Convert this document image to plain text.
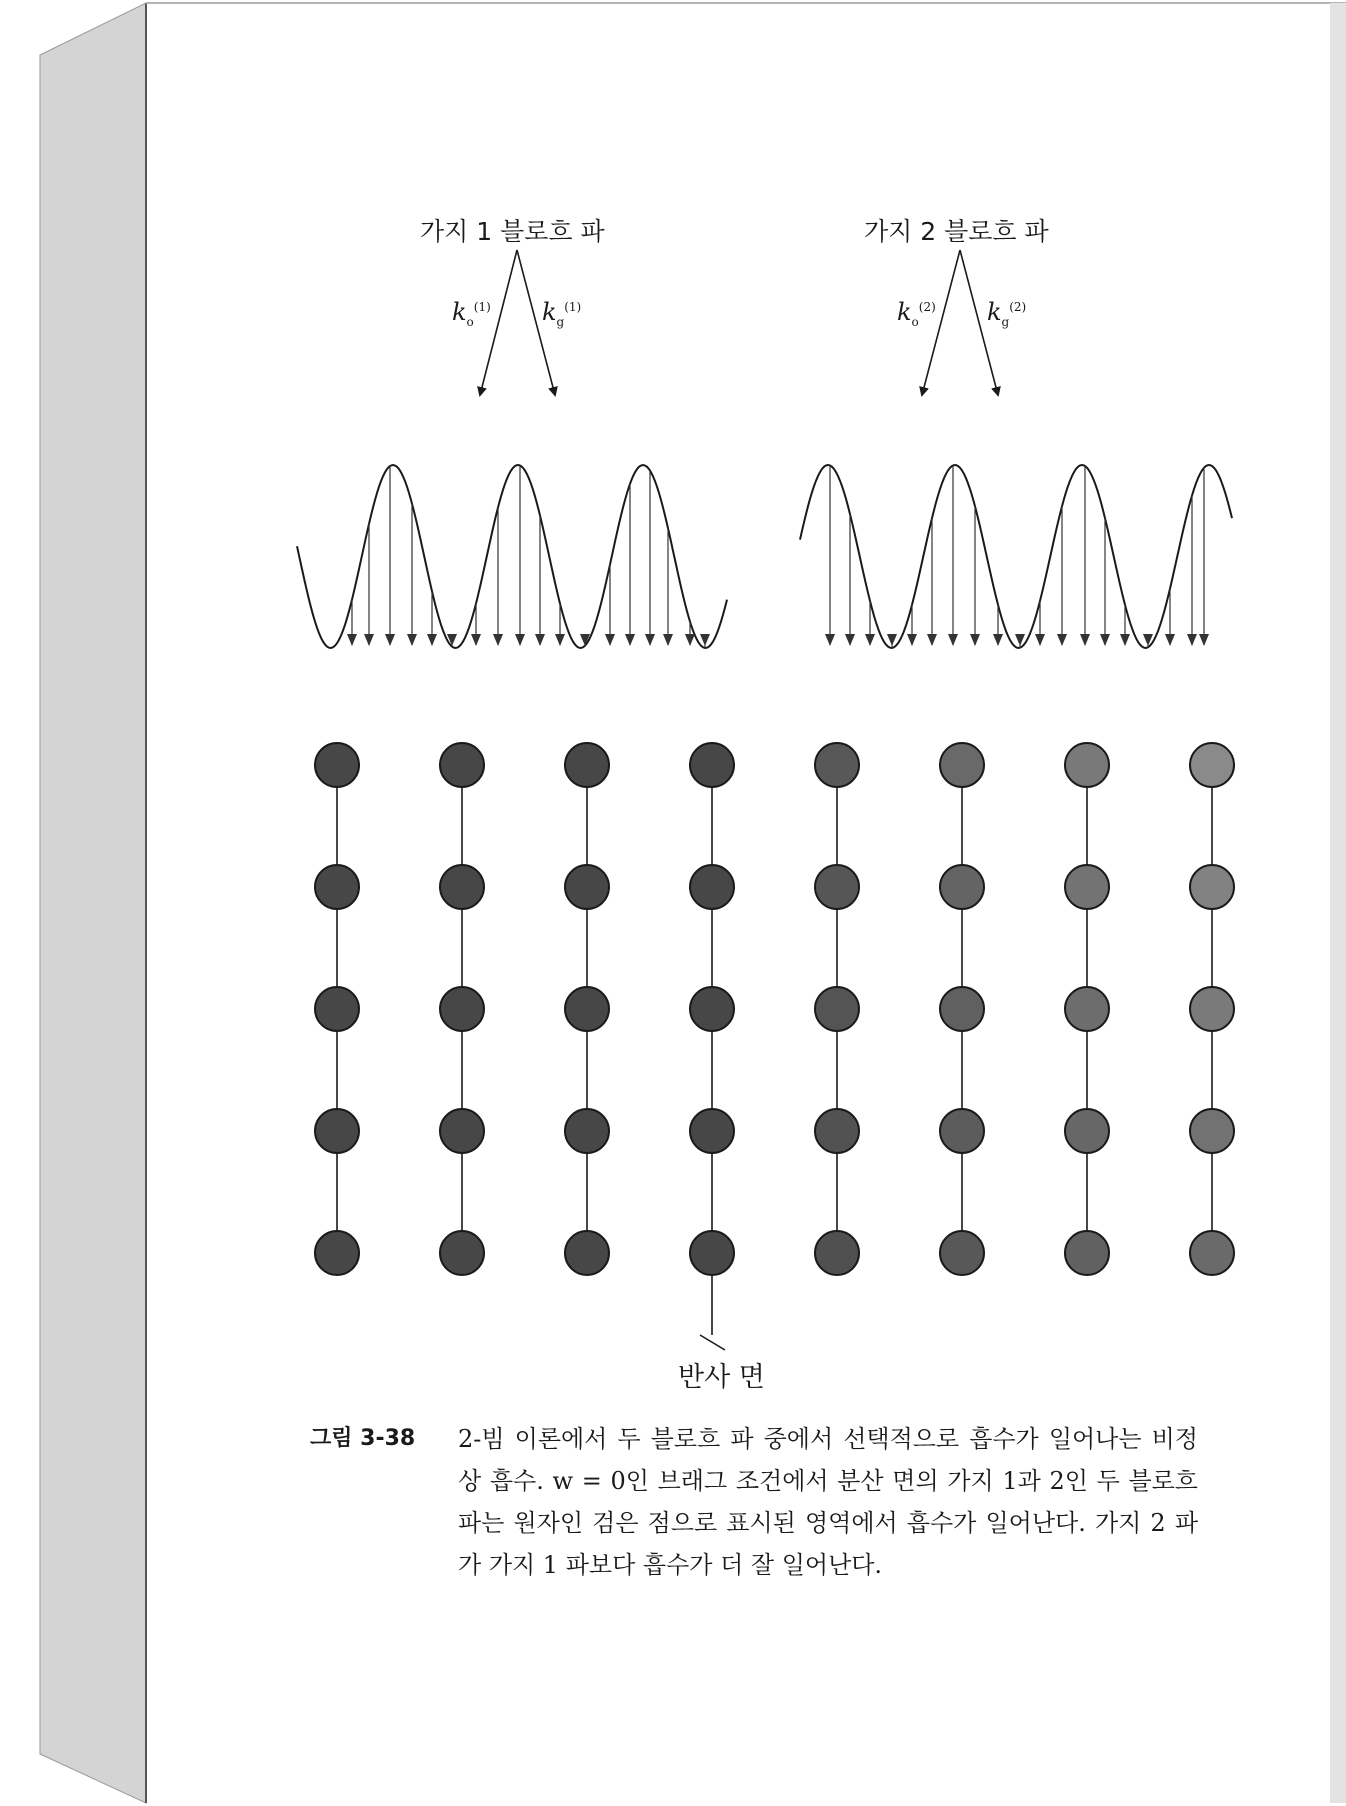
가지 1 블로흐 파	가지 2 블로흐 파
$k_o^{(1)}$ $k_g^{(1)}$	$k_o^{(2)}$ $k_g^{(2)}$
반사 면
그림 3-38 2-빔 이론에서 두 블로흐 파 중에서 선택적으로 흡수가 일어나는 비정상 흡수. w = 0인 브래그 조건에서 분산 면의 가지 1과 2인 두 블로흐 파는 원자인 검은 점으로 표시된 영역에서 흡수가 일어난다. 가지 2 파가 가지 1 파보다 흡수가 더 잘 일어난다.
